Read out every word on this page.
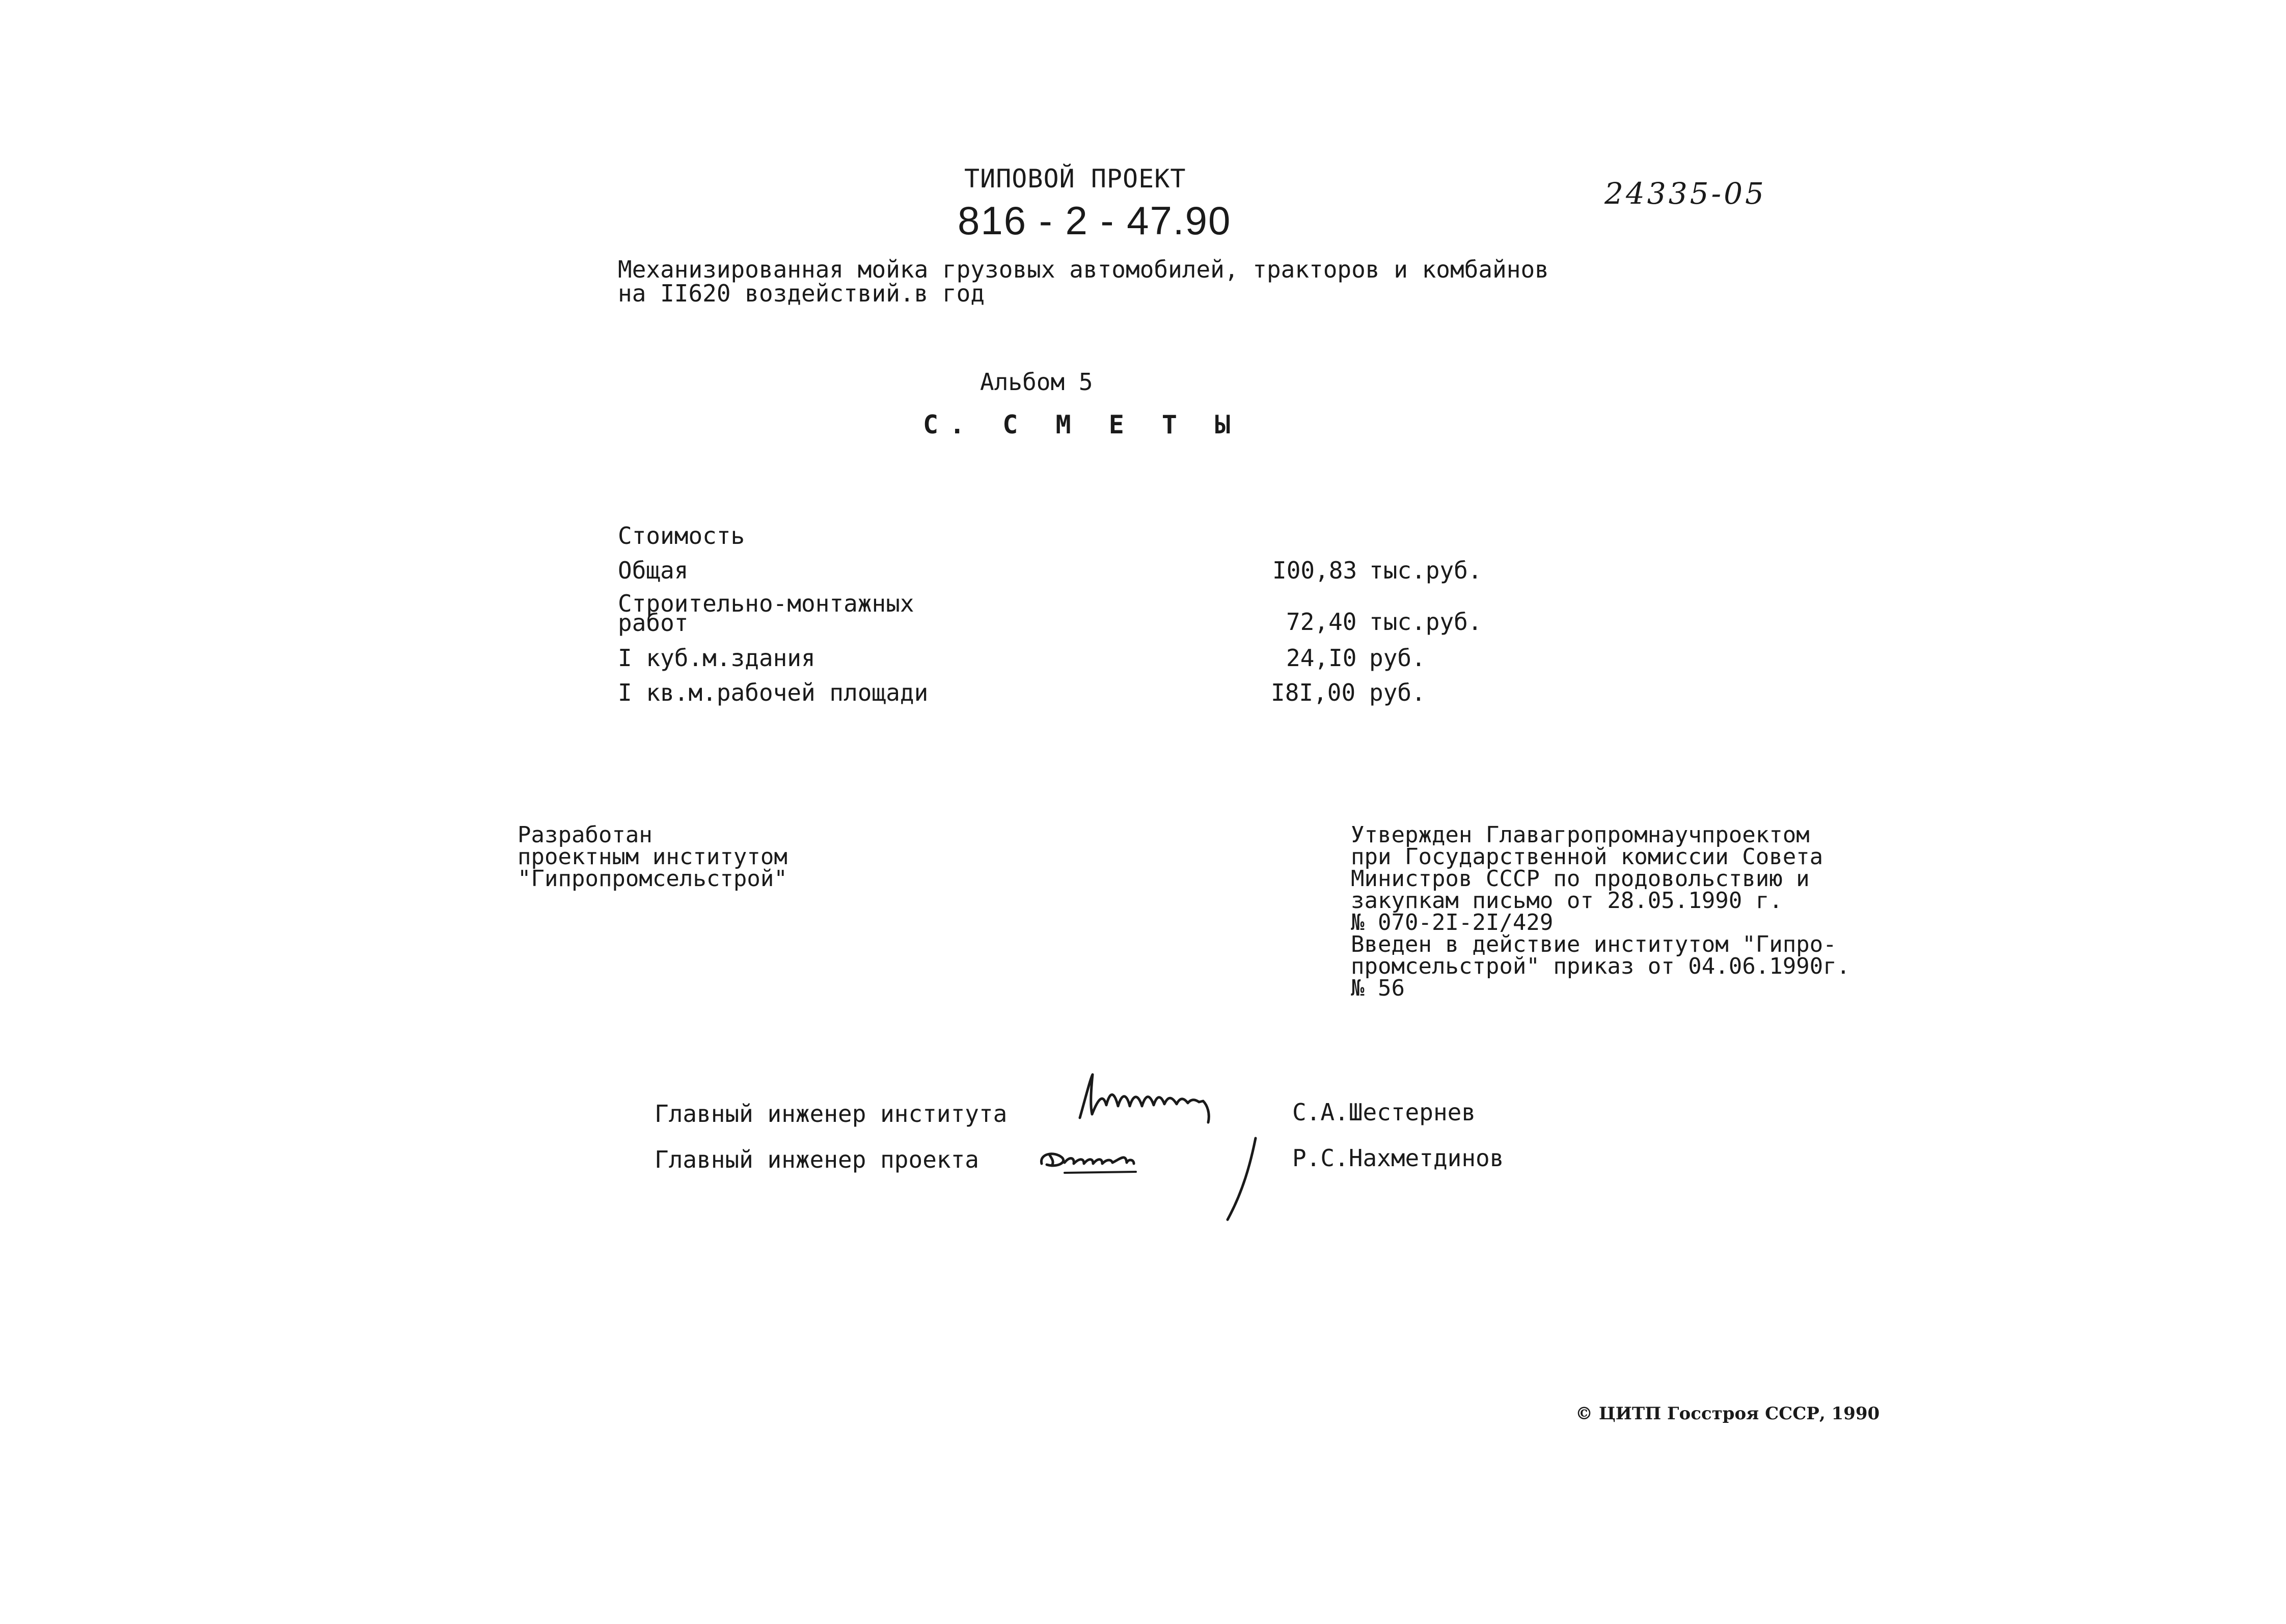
ТИПОВОЙ ПРОЕКТ
816 - 2 - 47.90
24335-05
Механизированная мойка грузовых автомобилей, тракторов и комбайнов
на II620 воздействий.в год
Альбом 5
С. С М Е Т Ы
Стоимость
Общая	I00,83 тыс.руб.
Строительно-монтажных
работ	72,40 тыс.руб.
I куб.м.здания	24,I0 руб.
I кв.м.рабочей площади	I8I,00 руб.
Разработан
проектным институтом
"Гипропромсельстрой"
Утвержден Главагропромнаучпроектом
при Государственной комиссии Совета
Министров СССР по продовольствию и
закупкам письмо от 28.05.1990 г.
№ 070-2I-2I/429
Введен в действие институтом "Гипро-
промсельстрой" приказ от 04.06.1990г.
№ 56
Главный инженер института	С.А.Шестернев
Главный инженер проекта	Р.С.Нахметдинов
© ЦИТП Госстроя СССР, 1990
